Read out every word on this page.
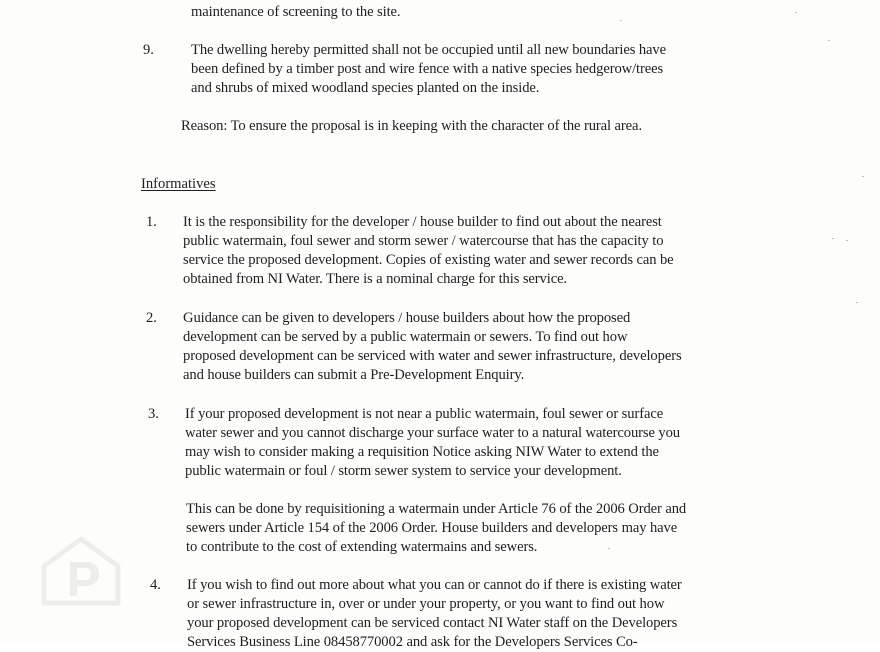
maintenance of screening to the site.
9.	The dwelling hereby permitted shall not be occupied until all new boundaries have
been defined by a timber post and wire fence with a native species hedgerow/trees
and shrubs of mixed woodland species planted on the inside.
Reason: To ensure the proposal is in keeping with the character of the rural area.
Informatives
1. It is the responsibility for the developer / house builder to find out about the nearest
public watermain, foul sewer and storm sewer / watercourse that has the capacity to
service the proposed development. Copies of existing water and sewer records can be
obtained from NI Water. There is a nominal charge for this service.
2. Guidance can be given to developers / house builders about how the proposed
development can be served by a public watermain or sewers. To find out how
proposed development can be serviced with water and sewer infrastructure, developers
and house builders can submit a Pre-Development Enquiry.
3. If your proposed development is not near a public watermain, foul sewer or surface
water sewer and you cannot discharge your surface water to a natural watercourse you
may wish to consider making a requisition Notice asking NIW Water to extend the
public watermain or foul / storm sewer system to service your development.
This can be done by requisitioning a watermain under Article 76 of the 2006 Order and
sewers under Article 154 of the 2006 Order. House builders and developers may have
to contribute to the cost of extending watermains and sewers.
4. If you wish to find out more about what you can or cannot do if there is existing water
or sewer infrastructure in, over or under your property, or you want to find out how
your proposed development can be serviced contact NI Water staff on the Developers
Services Business Line 08458770002 and ask for the Developers Services Co-
